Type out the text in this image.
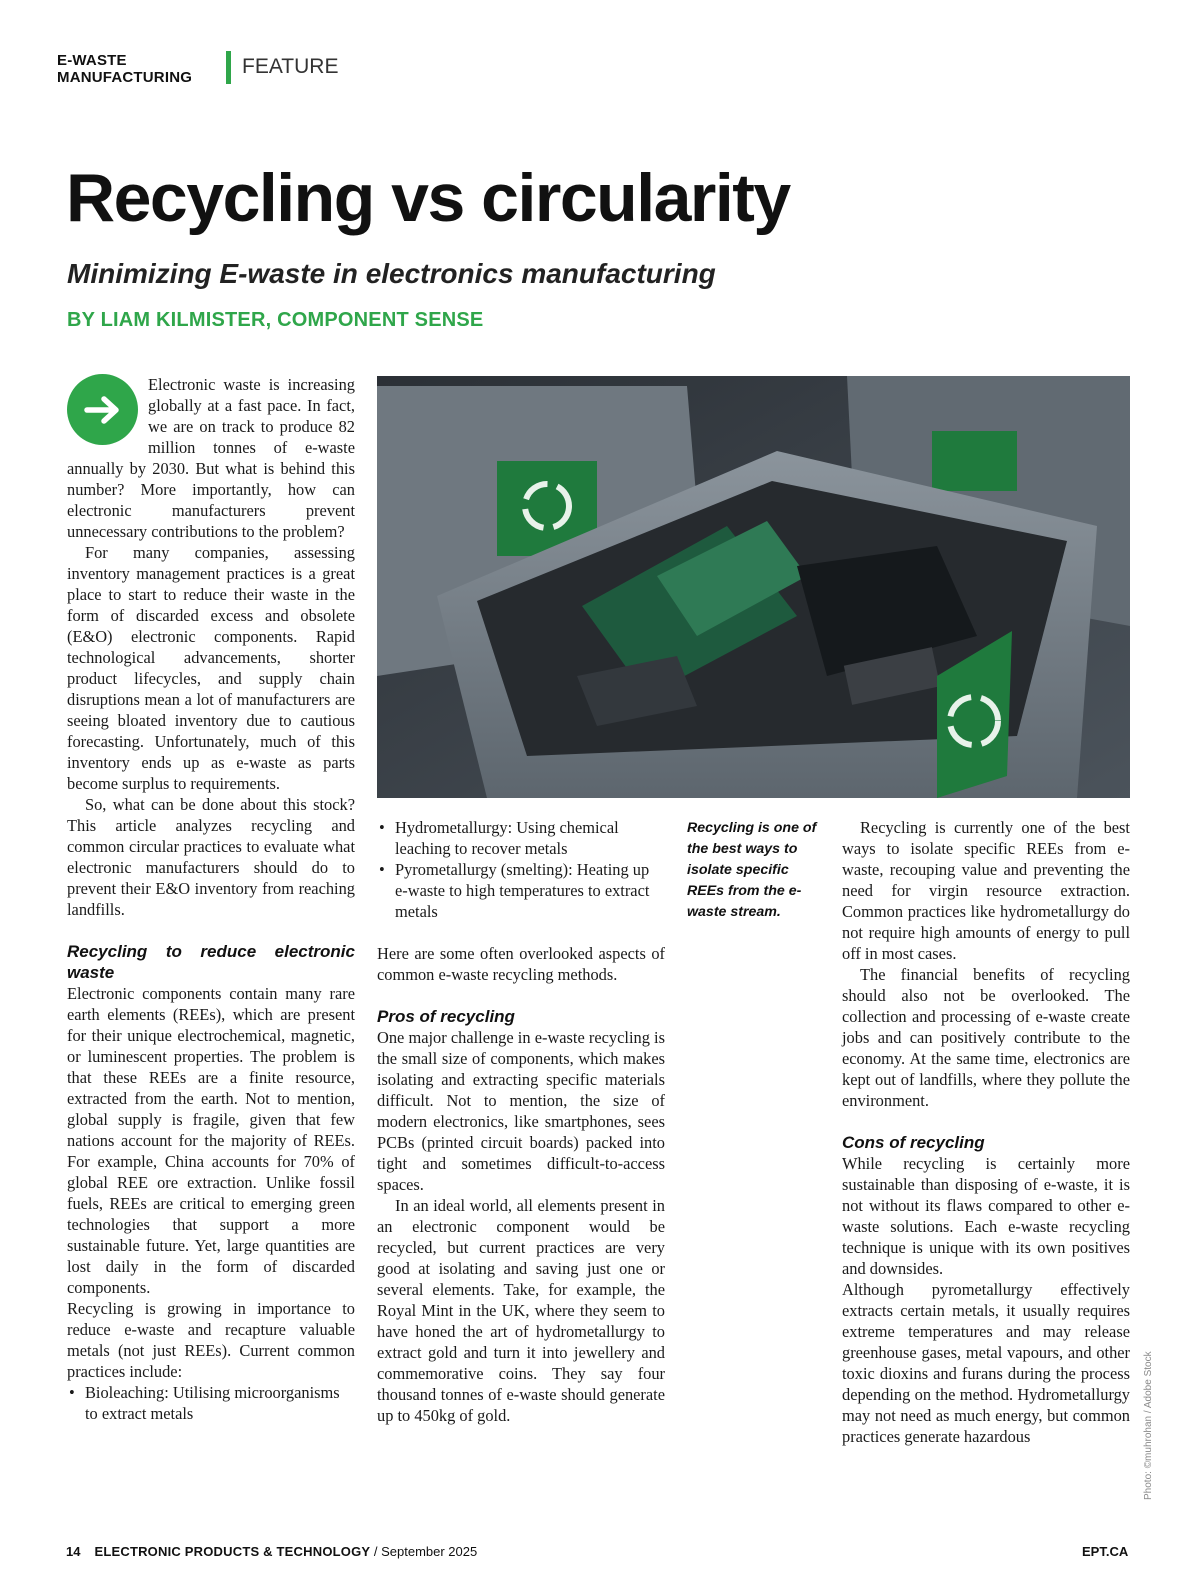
E-WASTE
MANUFACTURING	FEATURE
Recycling vs circularity
Minimizing E-waste in electronics manufacturing
BY LIAM KILMISTER, COMPONENT SENSE

Electronic waste is increasing globally at a fast pace. In fact, we are on track to produce 82 million tonnes of e-waste annually by 2030. But what is behind this number? More importantly, how can electronic manufacturers prevent unnecessary contributions to the problem?

For many companies, assessing inventory management practices is a great place to start to reduce their waste in the form of discarded excess and obsolete (E&O) electronic components. Rapid technological advancements, shorter product lifecycles, and supply chain disruptions mean a lot of manufacturers are seeing bloated inventory due to cautious forecasting. Unfortunately, much of this inventory ends up as e-waste as parts become surplus to requirements.

So, what can be done about this stock? This article analyzes recycling and common circular practices to evaluate what electronic manufacturers should do to prevent their E&O inventory from reaching landfills.

Recycling to reduce electronic waste

Electronic components contain many rare earth elements (REEs), which are present for their unique electrochemical, magnetic, or luminescent properties. The problem is that these REEs are a finite resource, extracted from the earth. Not to mention, global supply is fragile, given that few nations account for the majority of REEs. For example, China accounts for 70% of global REE ore extraction. Unlike fossil fuels, REEs are critical to emerging green technologies that support a more sustainable future. Yet, large quantities are lost daily in the form of discarded components.

Recycling is growing in importance to reduce e-waste and recapture valuable metals (not just REEs). Current common practices include:

• Bioleaching: Utilising microorganisms to extract metals
• Hydrometallurgy: Using chemical leaching to recover metals
• Pyrometallurgy (smelting): Heating up e-waste to high temperatures to extract metals

Here are some often overlooked aspects of common e-waste recycling methods.

Pros of recycling

One major challenge in e-waste recycling is the small size of components, which makes isolating and extracting specific materials difficult. Not to mention, the size of modern electronics, like smartphones, sees PCBs (printed circuit boards) packed into tight and sometimes difficult-to-access spaces.

In an ideal world, all elements present in an electronic component would be recycled, but current practices are very good at isolating and saving just one or several elements. Take, for example, the Royal Mint in the UK, where they seem to have honed the art of hydrometallurgy to extract gold and turn it into jewellery and commemorative coins. They say four thousand tonnes of e-waste should generate up to 450kg of gold.

Recycling is one of the best ways to isolate specific REEs from the e-waste stream.

Recycling is currently one of the best ways to isolate specific REEs from e-waste, recouping value and preventing the need for virgin resource extraction. Common practices like hydrometallurgy do not require high amounts of energy to pull off in most cases.

The financial benefits of recycling should also not be overlooked. The collection and processing of e-waste create jobs and can positively contribute to the economy. At the same time, electronics are kept out of landfills, where they pollute the environment.

Cons of recycling

While recycling is certainly more sustainable than disposing of e-waste, it is not without its flaws compared to other e-waste solutions. Each e-waste recycling technique is unique with its own positives and downsides.

Although pyrometallurgy effectively extracts certain metals, it usually requires extreme temperatures and may release greenhouse gases, metal vapours, and other toxic dioxins and furans during the process depending on the method. Hydrometallurgy may not need as much energy, but common practices generate hazardous	Photo: ©muhrohan / Adobe Stock
14 ELECTRONIC PRODUCTS & TECHNOLOGY / September 2025	EPT.CA
